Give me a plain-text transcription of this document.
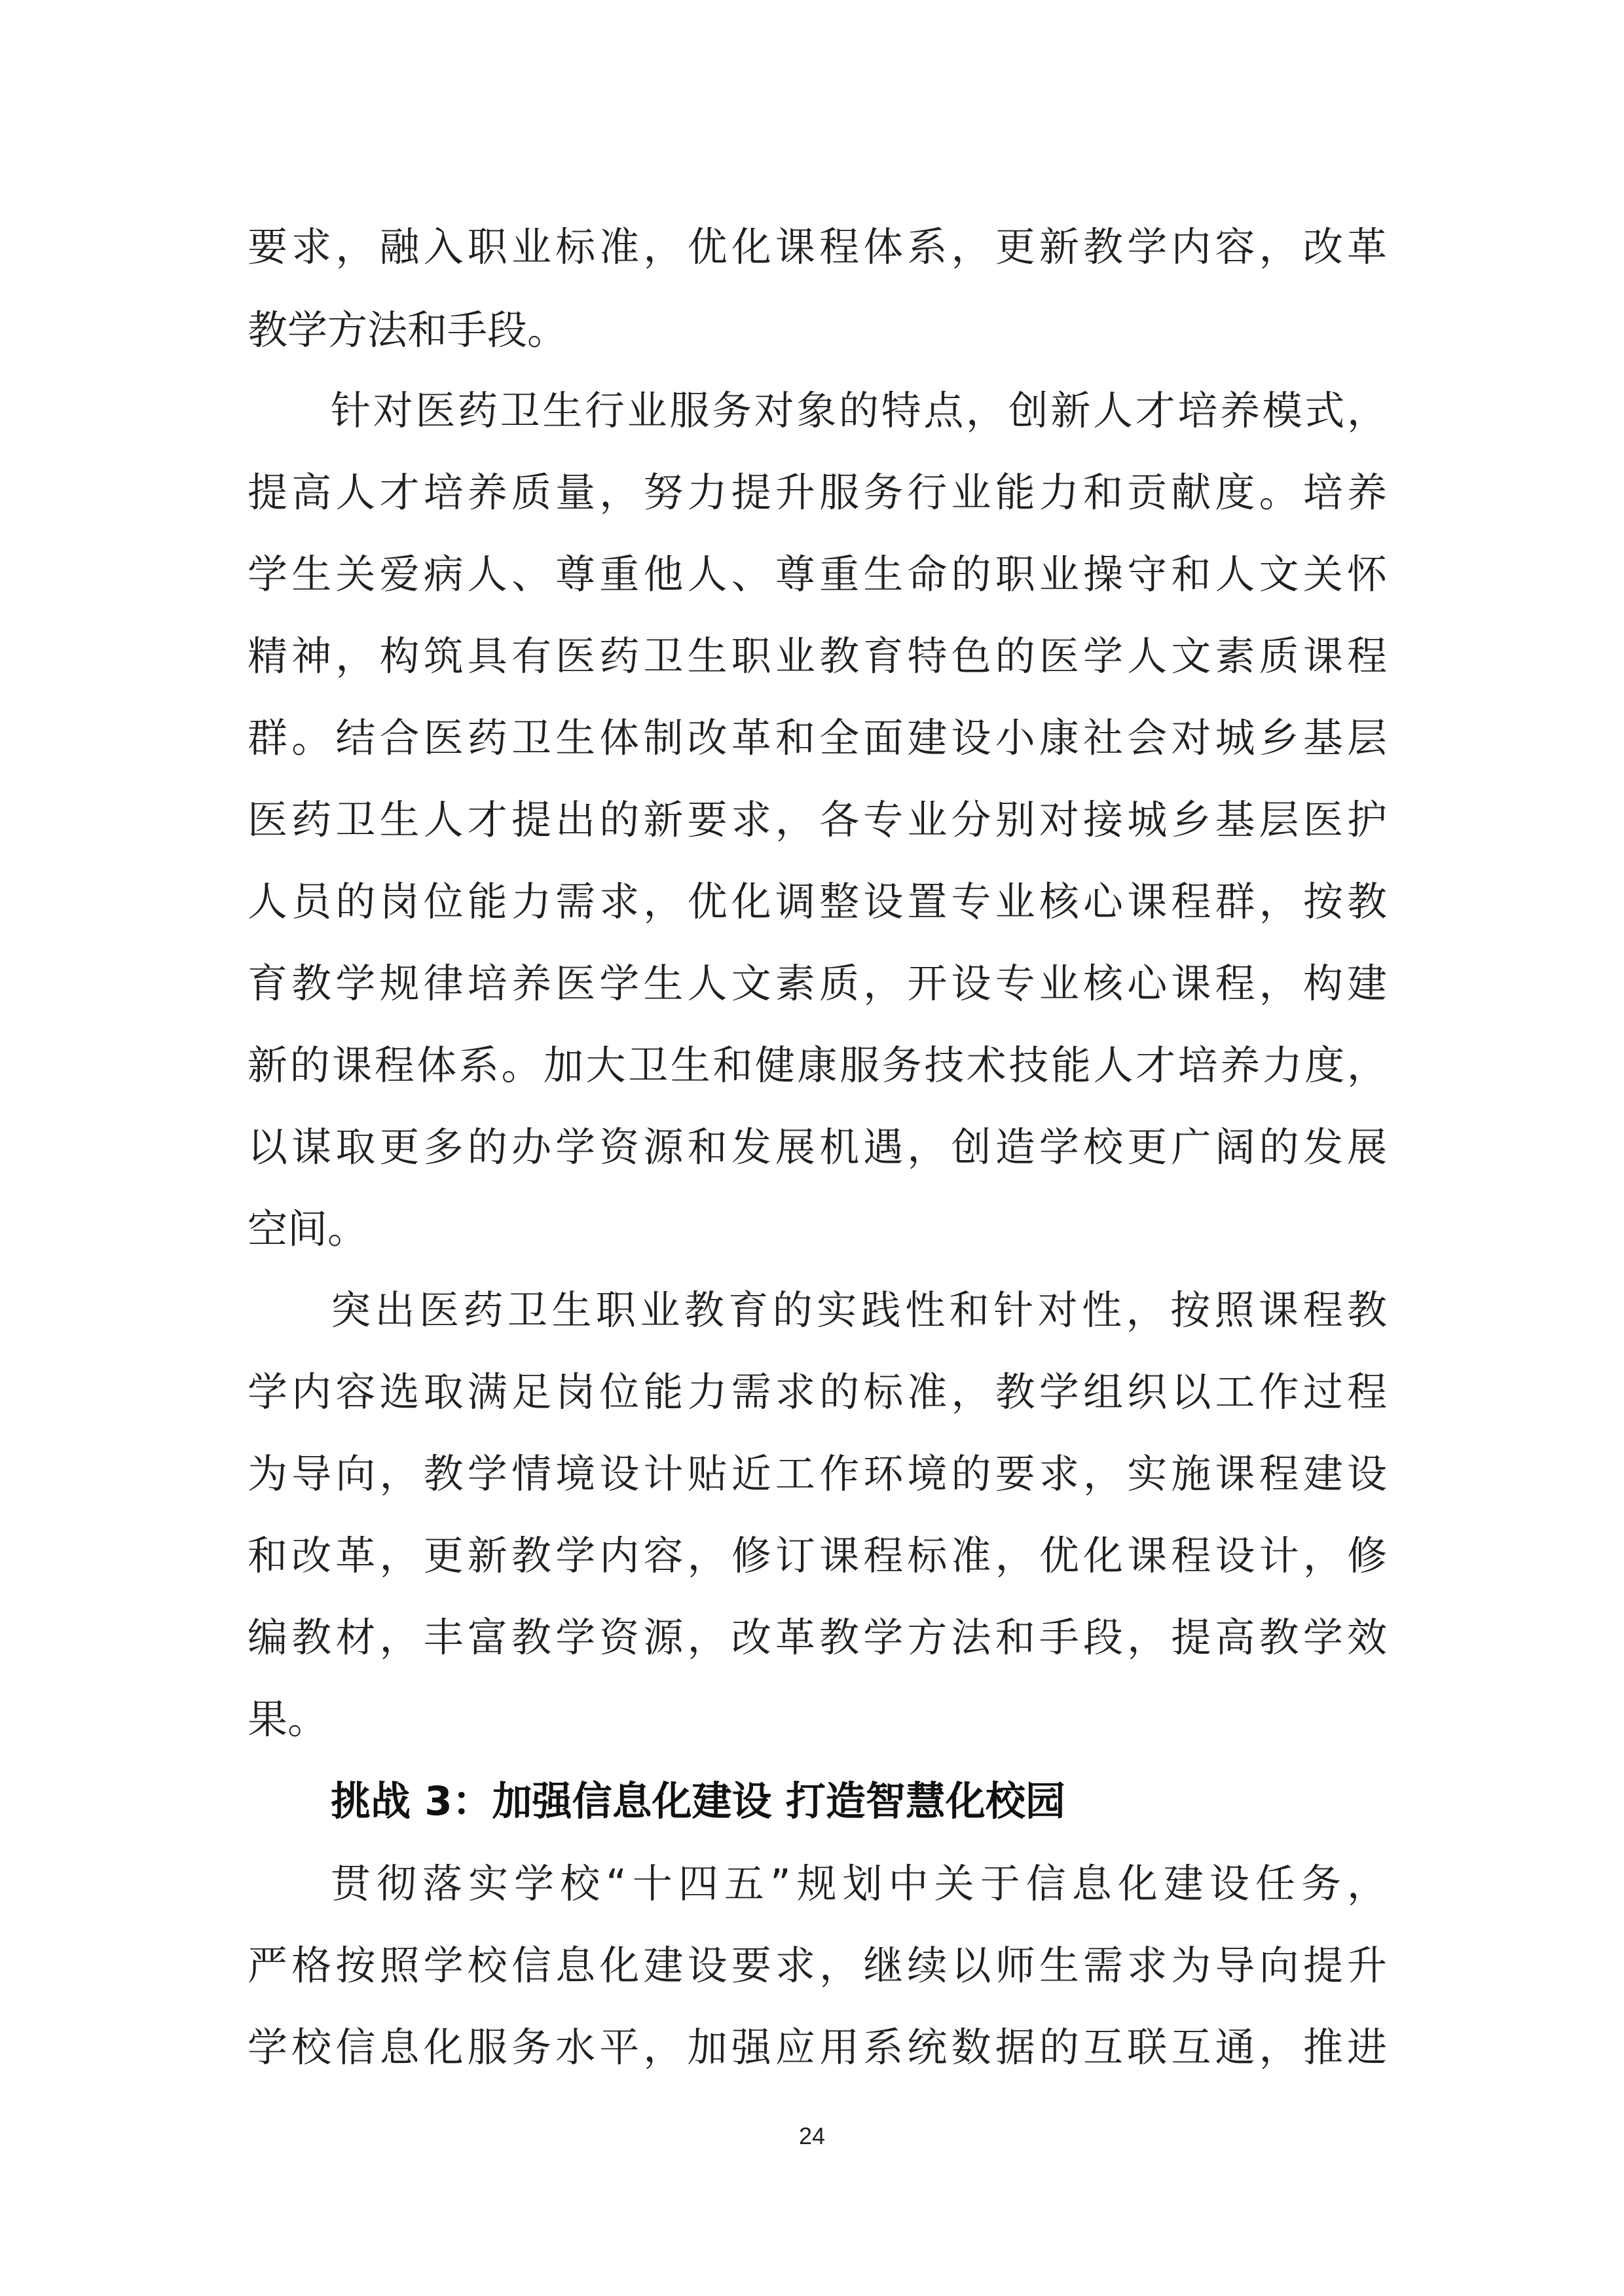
要求，融入职业标准，优化课程体系，更新教学内容，改革
教学方法和手段。
针对医药卫生行业服务对象的特点，创新人才培养模式，
提高人才培养质量，努力提升服务行业能力和贡献度。培养
学生关爱病人、尊重他人、尊重生命的职业操守和人文关怀
精神，构筑具有医药卫生职业教育特色的医学人文素质课程
群。结合医药卫生体制改革和全面建设小康社会对城乡基层
医药卫生人才提出的新要求，各专业分别对接城乡基层医护
人员的岗位能力需求，优化调整设置专业核心课程群，按教
育教学规律培养医学生人文素质，开设专业核心课程，构建
新的课程体系。加大卫生和健康服务技术技能人才培养力度，
以谋取更多的办学资源和发展机遇，创造学校更广阔的发展
空间。
突出医药卫生职业教育的实践性和针对性，按照课程教
学内容选取满足岗位能力需求的标准，教学组织以工作过程
为导向，教学情境设计贴近工作环境的要求，实施课程建设
和改革，更新教学内容，修订课程标准，优化课程设计，修
编教材，丰富教学资源，改革教学方法和手段，提高教学效
果。
挑战 3：加强信息化建设 打造智慧化校园
贯彻落实学校“十四五”规划中关于信息化建设任务，
严格按照学校信息化建设要求，继续以师生需求为导向提升
学校信息化服务水平，加强应用系统数据的互联互通，推进
24
